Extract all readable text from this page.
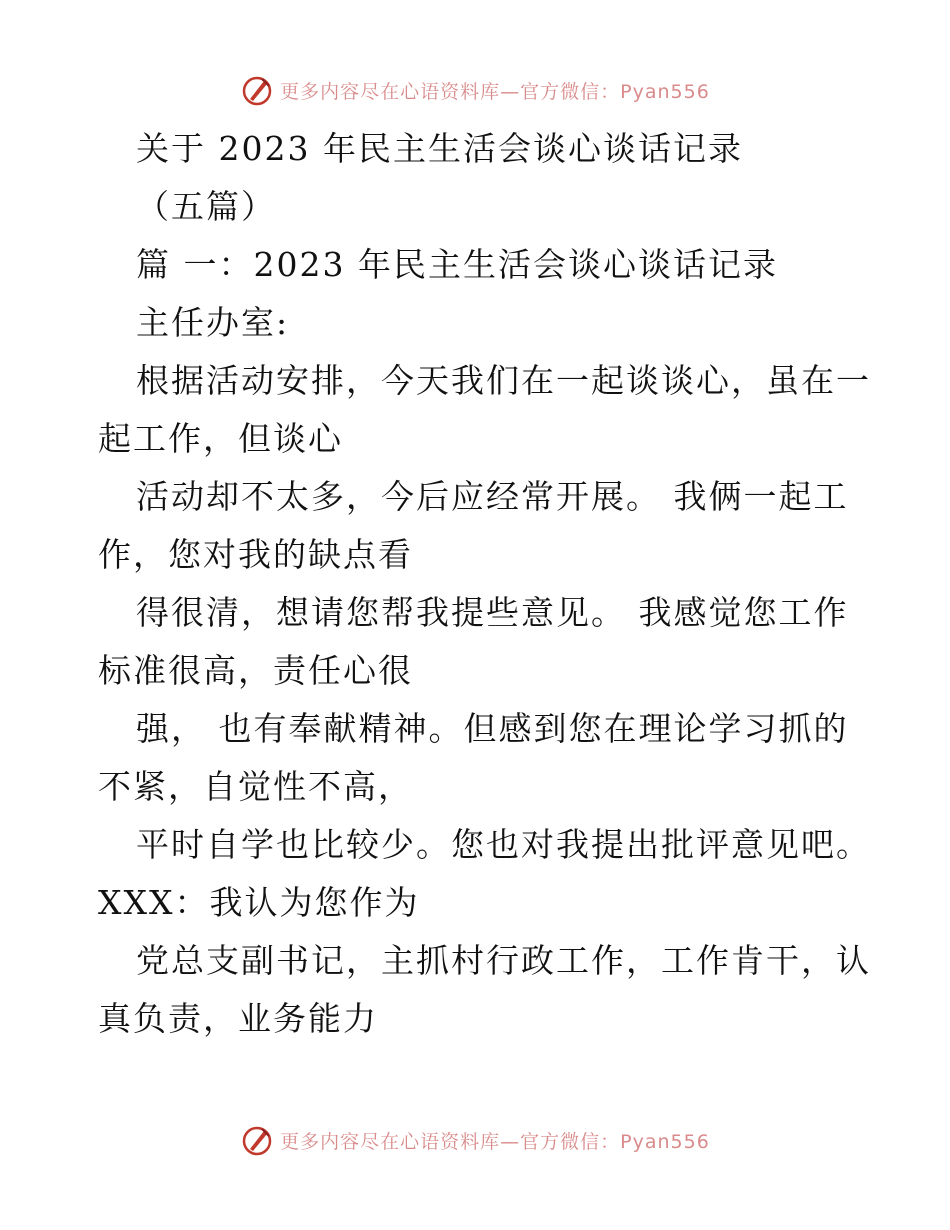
更多内容尽在心语资料库—官方微信：Pyan556
关于 2023 年民主生活会谈心谈话记录
（五篇）
篇 一：2023 年民主生活会谈心谈话记录
主任办室:
根据活动安排，今天我们在一起谈谈心，虽在一
起工作，但谈心
活动却不太多，今后应经常开展。 我俩一起工
作，您对我的缺点看
得很清，想请您帮我提些意见。 我感觉您工作
标准很高，责任心很
强， 也有奉献精神。但感到您在理论学习抓的
不紧，自觉性不高，
平时自学也比较少。您也对我提出批评意见吧。
XXX：我认为您作为
党总支副书记，主抓村行政工作，工作肯干，认
真负责，业务能力
更多内容尽在心语资料库—官方微信：Pyan556
